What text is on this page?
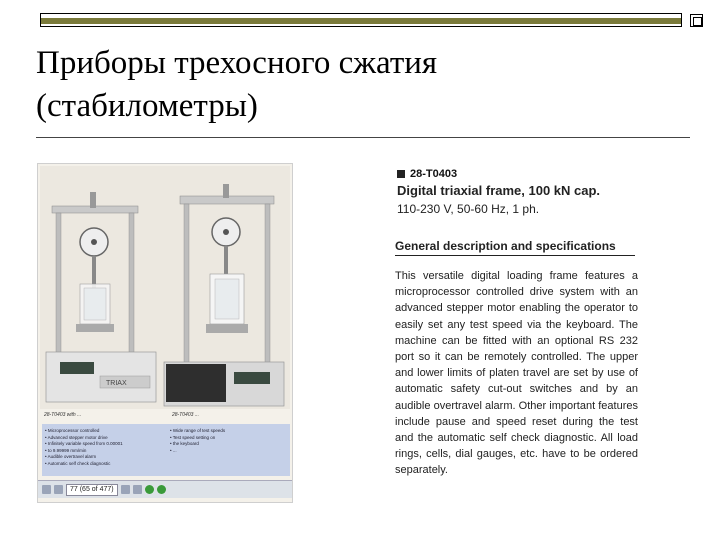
Приборы трехосного сжатия
(стабилометры)
TRIAX
28-T0403 with ...	28-T0403 ...
• Microprocessor controlled
• Advanced stepper motor drive
• Infinitely variable speed from 0.00001
• to 9.99999 mm/min
• Audible overtravel alarm
• Automatic self check diagnostic
• Wide range of test speeds
• Test speed setting on
• the keyboard
• ...
77 (65 of 477)
28-T0403
Digital triaxial frame, 100 kN cap.
110-230 V, 50-60 Hz, 1 ph.
General description and specifications
This versatile digital loading frame features a microprocessor controlled drive system with an advanced stepper motor enabling the operator to easily set any test speed via the keyboard. The machine can be fitted with an optional RS 232 port so it can be remotely controlled. The upper and lower limits of platen travel are set by use of automatic safety cut-out switches and by an audible overtravel alarm. Other important features include pause and speed reset during the test and the automatic self check diagnostic. All load rings, cells, dial gauges, etc. have to be ordered separately.
